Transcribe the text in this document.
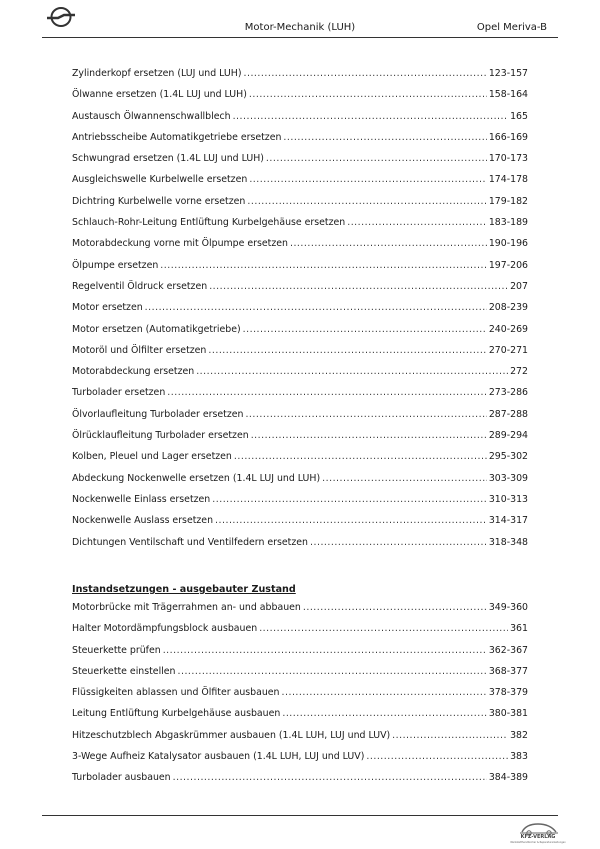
Motor-Mechanik (LUH)	Opel Meriva-B
Zylinderkopf ersetzen (LUJ und LUH) .....	123-157
Ölwanne ersetzen (1.4L LUJ und LUH) .....	158-164
Austausch Ölwannenschwallblech .....	165
Antriebsscheibe Automatikgetriebe ersetzen .....	166-169
Schwungrad ersetzen (1.4L LUJ und LUH) .....	170-173
Ausgleichswelle Kurbelwelle ersetzen .....	174-178
Dichtring Kurbelwelle vorne ersetzen .....	179-182
Schlauch-Rohr-Leitung Entlüftung Kurbelgehäuse ersetzen .....	183-189
Motorabdeckung vorne mit Ölpumpe ersetzen .....	190-196
Ölpumpe ersetzen .....	197-206
Regelventil Öldruck ersetzen .....	207
Motor ersetzen .....	208-239
Motor ersetzen (Automatikgetriebe) .....	240-269
Motoröl und Ölfilter ersetzen .....	270-271
Motorabdeckung ersetzen .....	272
Turbolader ersetzen .....	273-286
Ölvorlaufleitung Turbolader ersetzen .....	287-288
Ölrücklaufleitung Turbolader ersetzen .....	289-294
Kolben, Pleuel und Lager ersetzen .....	295-302
Abdeckung Nockenwelle ersetzen (1.4L LUJ und LUH) .....	303-309
Nockenwelle Einlass ersetzen .....	310-313
Nockenwelle Auslass ersetzen .....	314-317
Dichtungen Ventilschaft und Ventilfedern ersetzen .....	318-348
Instandsetzungen - ausgebauter Zustand
Motorbrücke mit Trägerrahmen an- und abbauen .....	349-360
Halter Motordämpfungsblock ausbauen .....	361
Steuerkette prüfen .....	362-367
Steuerkette einstellen .....	368-377
Flüssigkeiten ablassen und Ölfiter ausbauen .....	378-379
Leitung Entlüftung Kurbelgehäuse ausbauen .....	380-381
Hitzeschutzblech Abgaskrümmer ausbauen (1.4L LUH, LUJ und LUV) .....	382
3-Wege Aufheiz Katalysator ausbauen (1.4L LUH, LUJ und LUV) .....	383
Turbolader ausbauen .....	384-389
KFZ-VERLAG
Werkstatthandbücher & Reparaturanleitungen
